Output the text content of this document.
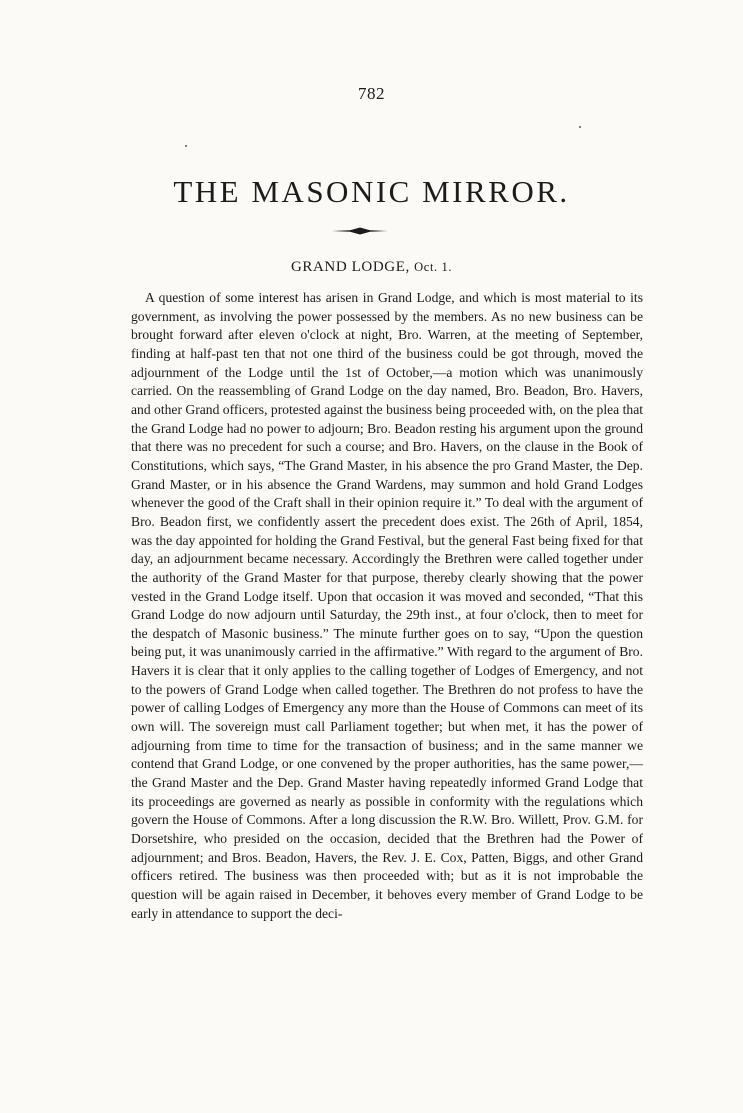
782
THE MASONIC MIRROR.
GRAND LODGE, Oct. 1.

A question of some interest has arisen in Grand Lodge, and which is most material to its government, as involving the power possessed by the members. As no new business can be brought forward after eleven o'clock at night, Bro. Warren, at the meeting of September, finding at half-past ten that not one third of the business could be got through, moved the adjournment of the Lodge until the 1st of October,—a motion which was unanimously carried. On the reassembling of Grand Lodge on the day named, Bro. Beadon, Bro. Havers, and other Grand officers, protested against the business being proceeded with, on the plea that the Grand Lodge had no power to adjourn; Bro. Beadon resting his argument upon the ground that there was no precedent for such a course; and Bro. Havers, on the clause in the Book of Constitutions, which says, “The Grand Master, in his absence the pro Grand Master, the Dep. Grand Master, or in his absence the Grand Wardens, may summon and hold Grand Lodges whenever the good of the Craft shall in their opinion require it.” To deal with the argument of Bro. Beadon first, we confidently assert the precedent does exist. The 26th of April, 1854, was the day appointed for holding the Grand Festival, but the general Fast being fixed for that day, an adjournment became necessary. Accordingly the Brethren were called together under the authority of the Grand Master for that purpose, thereby clearly showing that the power vested in the Grand Lodge itself. Upon that occasion it was moved and seconded, “That this Grand Lodge do now adjourn until Saturday, the 29th inst., at four o'clock, then to meet for the despatch of Masonic business.” The minute further goes on to say, “Upon the question being put, it was unanimously carried in the affirmative.” With regard to the argument of Bro. Havers it is clear that it only applies to the calling together of Lodges of Emergency, and not to the powers of Grand Lodge when called together. The Brethren do not profess to have the power of calling Lodges of Emergency any more than the House of Commons can meet of its own will. The sovereign must call Parliament together; but when met, it has the power of adjourning from time to time for the transaction of business; and in the same manner we contend that Grand Lodge, or one convened by the proper authorities, has the same power,—the Grand Master and the Dep. Grand Master having repeatedly informed Grand Lodge that its proceedings are governed as nearly as possible in conformity with the regulations which govern the House of Commons. After a long discussion the R.W. Bro. Willett, Prov. G.M. for Dorsetshire, who presided on the occasion, decided that the Brethren had the Power of adjournment; and Bros. Beadon, Havers, the Rev. J. E. Cox, Patten, Biggs, and other Grand officers retired. The business was then proceeded with; but as it is not improbable the question will be again raised in December, it behoves every member of Grand Lodge to be early in attendance to support the deci-
